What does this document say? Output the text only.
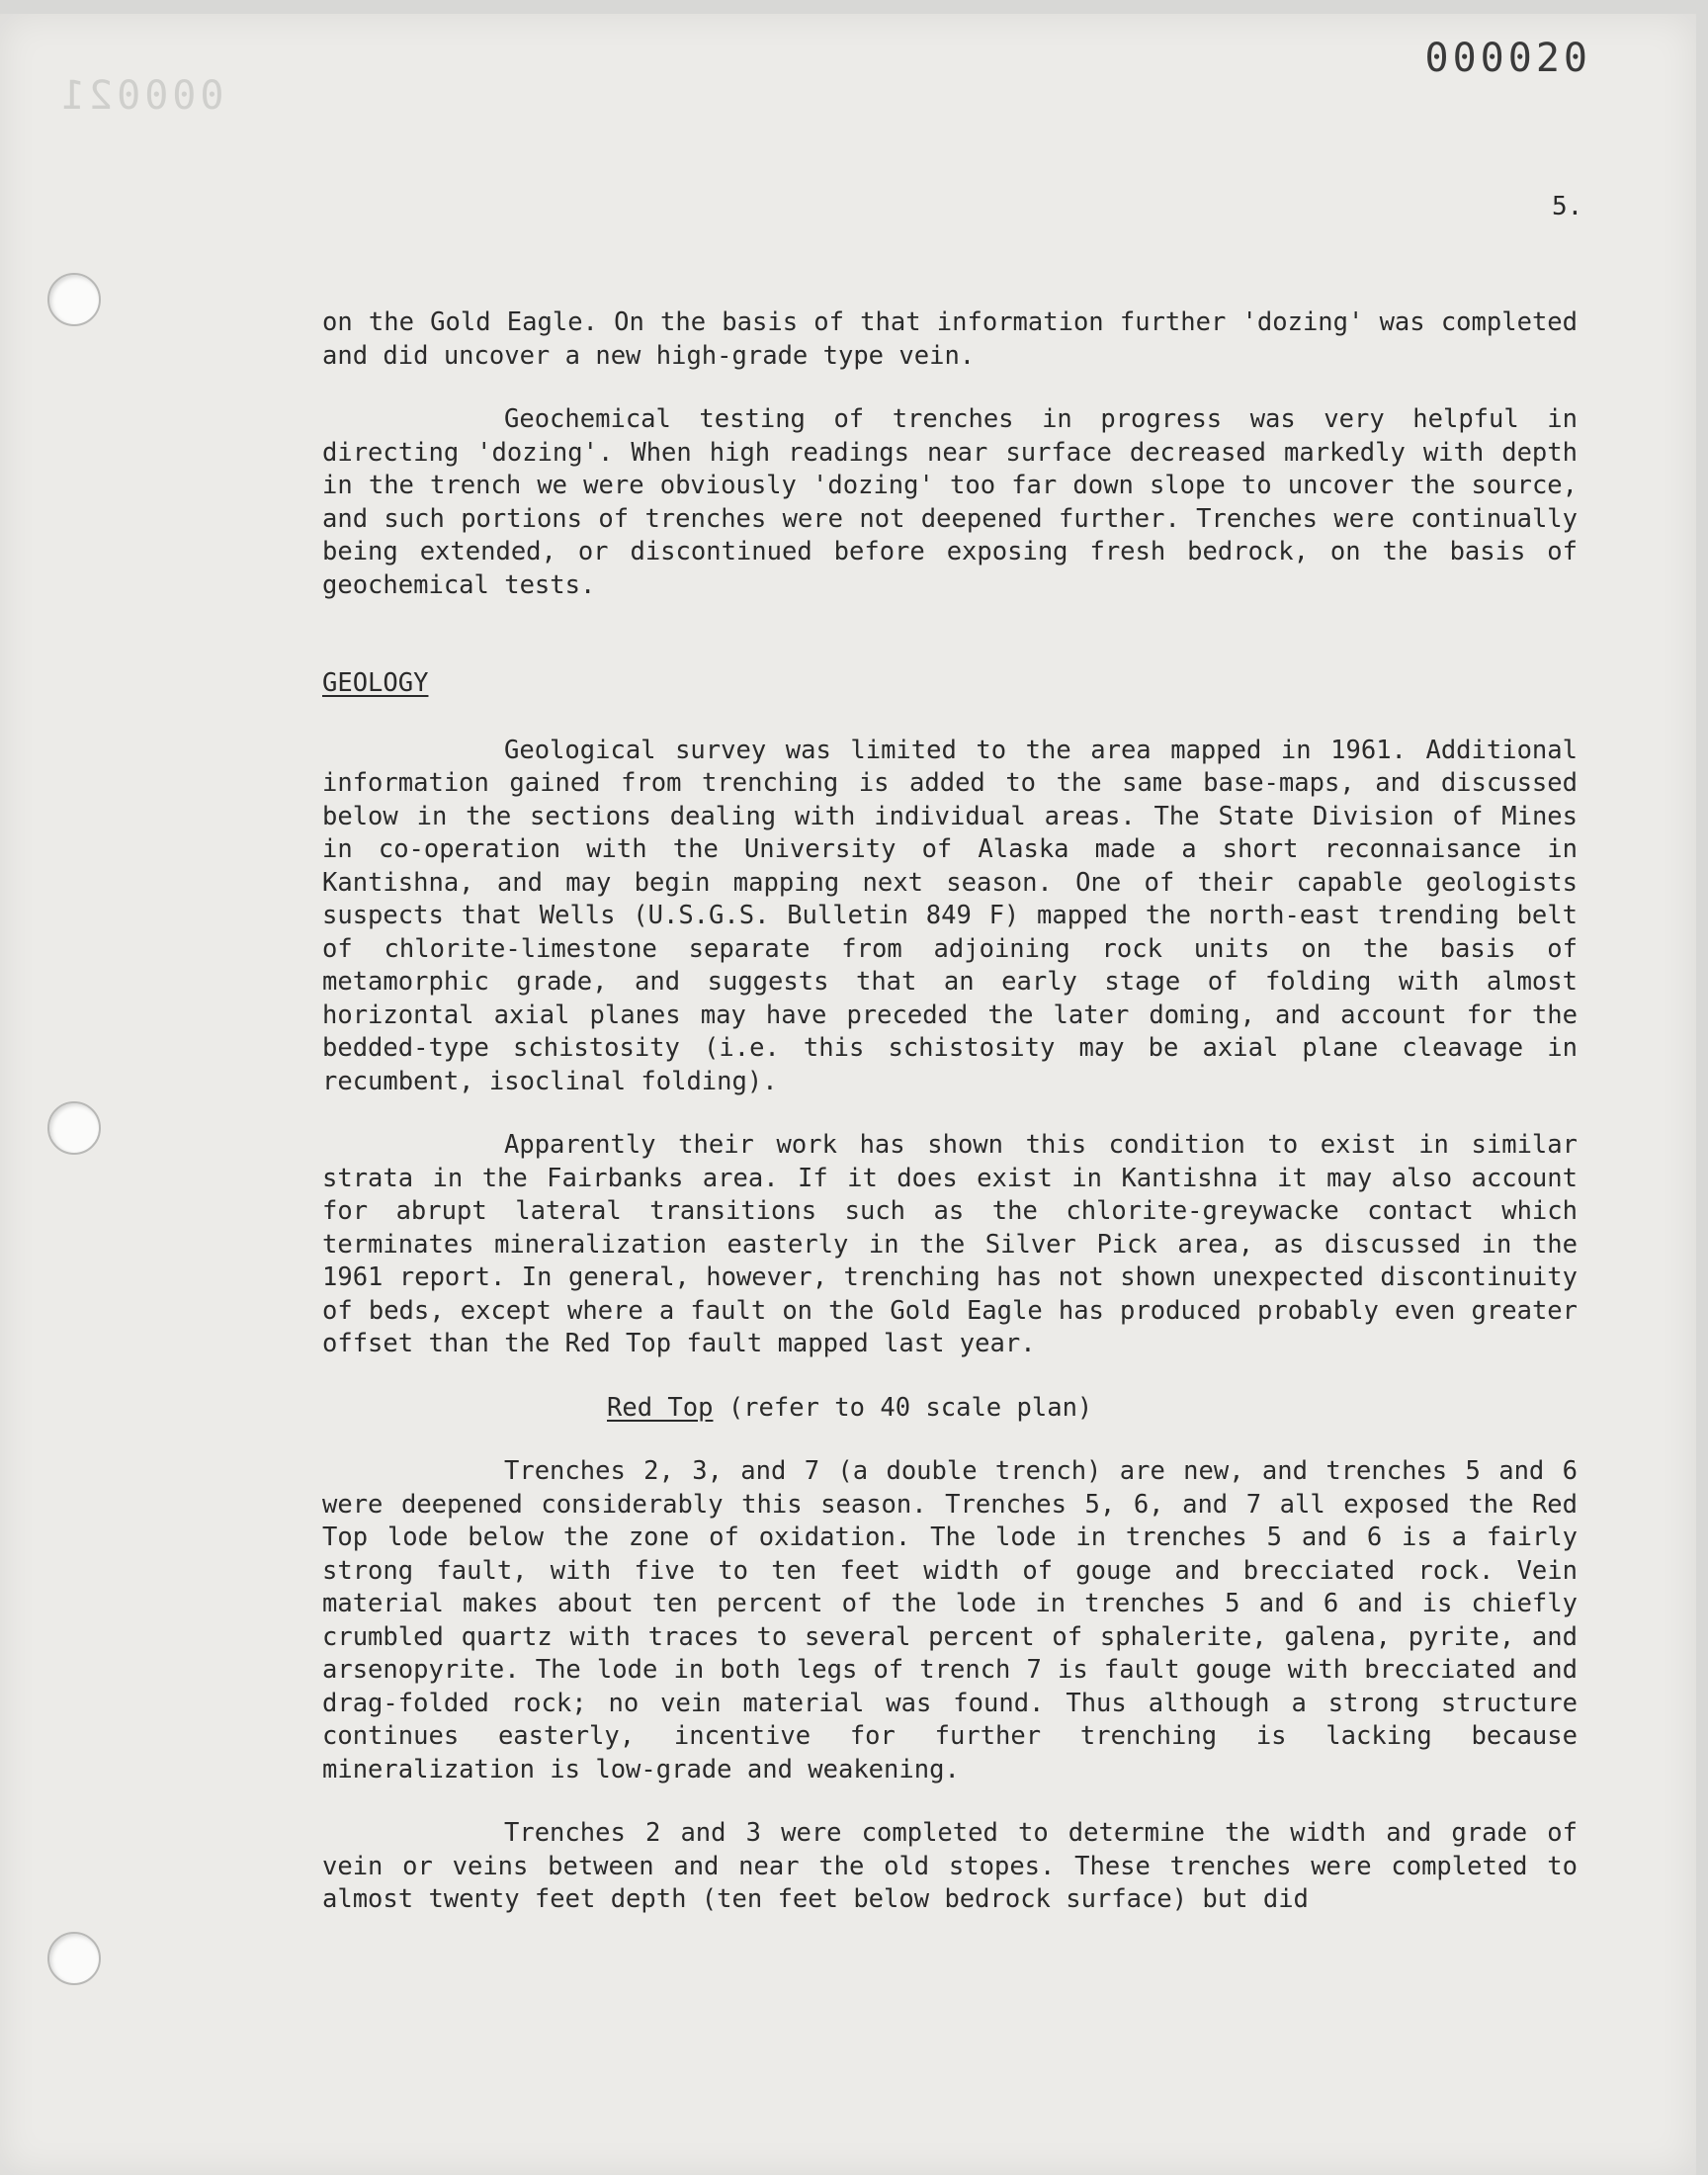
000021
000020
5.

on the Gold Eagle. On the basis of that information further 'dozing' was completed and did uncover a new high-grade type vein.

Geochemical testing of trenches in progress was very helpful in directing 'dozing'. When high readings near surface decreased markedly with depth in the trench we were obviously 'dozing' too far down slope to uncover the source, and such portions of trenches were not deepened further. Trenches were continually being extended, or discontinued before exposing fresh bedrock, on the basis of geochemical tests.

GEOLOGY

Geological survey was limited to the area mapped in 1961. Additional information gained from trenching is added to the same base-maps, and discussed below in the sections dealing with individual areas. The State Division of Mines in co-operation with the University of Alaska made a short reconnaisance in Kantishna, and may begin mapping next season. One of their capable geologists suspects that Wells (U.S.G.S. Bulletin 849 F) mapped the north-east trending belt of chlorite-limestone separate from adjoining rock units on the basis of metamorphic grade, and suggests that an early stage of folding with almost horizontal axial planes may have preceded the later doming, and account for the bedded-type schistosity (i.e. this schistosity may be axial plane cleavage in recumbent, isoclinal folding).

Apparently their work has shown this condition to exist in similar strata in the Fairbanks area. If it does exist in Kantishna it may also account for abrupt lateral transitions such as the chlorite-greywacke contact which terminates mineralization easterly in the Silver Pick area, as discussed in the 1961 report. In general, however, trenching has not shown unexpected discontinuity of beds, except where a fault on the Gold Eagle has produced probably even greater offset than the Red Top fault mapped last year.

Red Top (refer to 40 scale plan)

Trenches 2, 3, and 7 (a double trench) are new, and trenches 5 and 6 were deepened considerably this season. Trenches 5, 6, and 7 all exposed the Red Top lode below the zone of oxidation. The lode in trenches 5 and 6 is a fairly strong fault, with five to ten feet width of gouge and brecciated rock. Vein material makes about ten percent of the lode in trenches 5 and 6 and is chiefly crumbled quartz with traces to several percent of sphalerite, galena, pyrite, and arsenopyrite. The lode in both legs of trench 7 is fault gouge with brecciated and drag-folded rock; no vein material was found. Thus although a strong structure continues easterly, incentive for further trenching is lacking because mineralization is low-grade and weakening.

Trenches 2 and 3 were completed to determine the width and grade of vein or veins between and near the old stopes. These trenches were completed to almost twenty feet depth (ten feet below bedrock surface) but did
